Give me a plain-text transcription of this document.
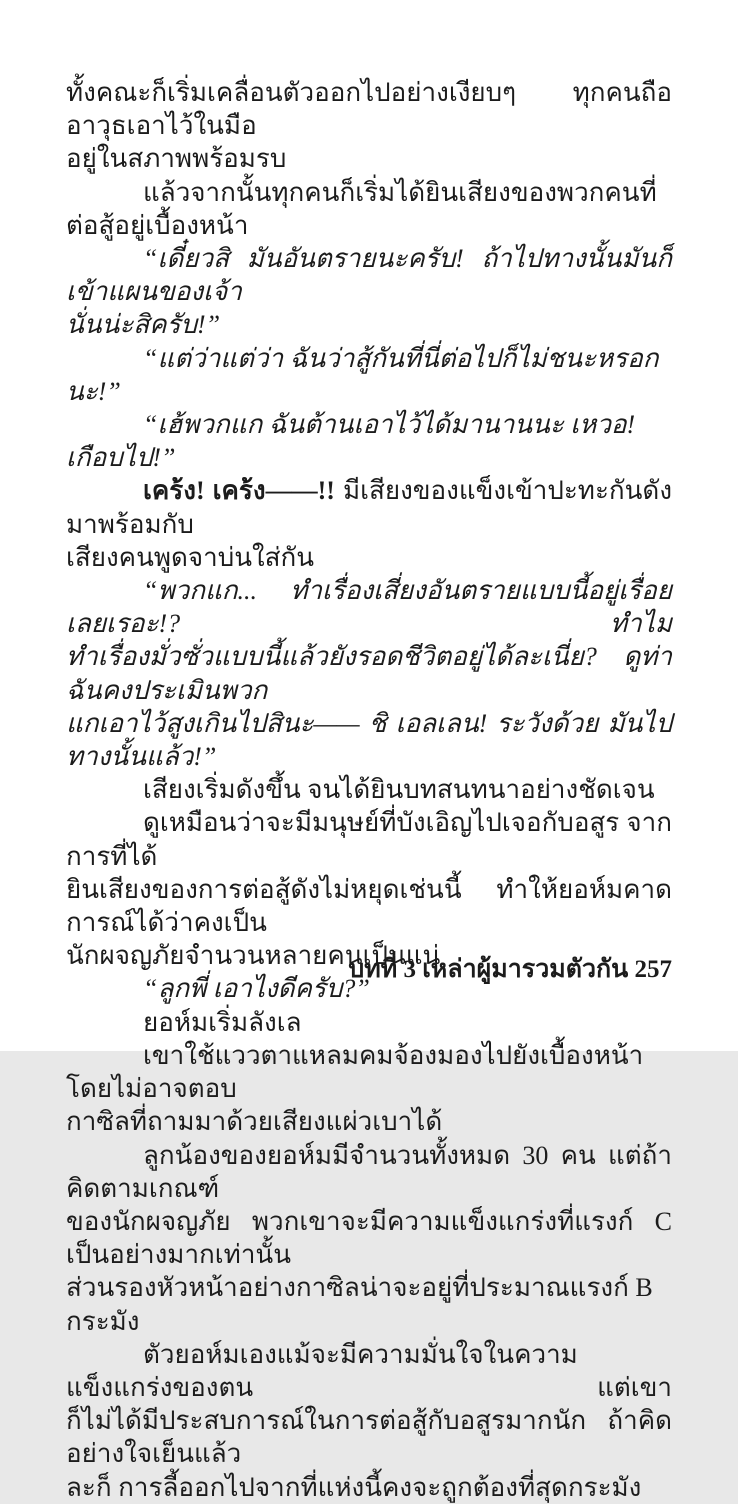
ทั้งคณะก็เริ่มเคลื่อนตัวออกไปอย่างเงียบๆ ทุกคนถืออาวุธเอาไว้ในมือ
อยู่ในสภาพพร้อมรบ
แล้วจากนั้นทุกคนก็เริ่มได้ยินเสียงของพวกคนที่ต่อสู้อยู่เบื้องหน้า
“เดี๋ยวสิ มันอันตรายนะครับ! ถ้าไปทางนั้นมันก็เข้าแผนของเจ้า
นั่นน่ะสิครับ!”
“แต่ว่าแต่ว่า ฉันว่าสู้กันที่นี่ต่อไปก็ไม่ชนะหรอกนะ!”
“เฮ้พวกแก ฉันต้านเอาไว้ได้มานานนะ เหวอ! เกือบไป!”
เคร้ง! เคร้ง——!! มีเสียงของแข็งเข้าปะทะกันดังมาพร้อมกับ
เสียงคนพูดจาบ่นใส่กัน
“พวกแก... ทำเรื่องเสี่ยงอันตรายแบบนี้อยู่เรื่อยเลยเรอะ!? ทำไม
ทำเรื่องมั่วซั่วแบบนี้แล้วยังรอดชีวิตอยู่ได้ละเนี่ย? ดูท่าฉันคงประเมินพวก
แกเอาไว้สูงเกินไปสินะ—— ชิ เอลเลน! ระวังด้วย มันไปทางนั้นแล้ว!”
เสียงเริ่มดังขึ้น จนได้ยินบทสนทนาอย่างชัดเจน
ดูเหมือนว่าจะมีมนุษย์ที่บังเอิญไปเจอกับอสูร จากการที่ได้
ยินเสียงของการต่อสู้ดังไม่หยุดเช่นนี้ ทำให้ยอห์มคาดการณ์ได้ว่าคงเป็น
นักผจญภัยจำนวนหลายคนเป็นแน่
“ลูกพี่ เอาไงดีครับ?”
ยอห์มเริ่มลังเล
เขาใช้แววตาแหลมคมจ้องมองไปยังเบื้องหน้า โดยไม่อาจตอบ
กาซิลที่ถามมาด้วยเสียงแผ่วเบาได้
ลูกน้องของยอห์มมีจำนวนทั้งหมด 30 คน แต่ถ้าคิดตามเกณฑ์
ของนักผจญภัย พวกเขาจะมีความแข็งแกร่งที่แรงก์ C เป็นอย่างมากเท่านั้น
ส่วนรองหัวหน้าอย่างกาซิลน่าจะอยู่ที่ประมาณแรงก์ B กระมัง
ตัวยอห์มเองแม้จะมีความมั่นใจในความแข็งแกร่งของตน แต่เขา
ก็ไม่ได้มีประสบการณ์ในการต่อสู้กับอสูรมากนัก ถ้าคิดอย่างใจเย็นแล้ว
ละก็ การลี้ออกไปจากที่แห่งนี้คงจะถูกต้องที่สุดกระมัง
บทที่ 3 เหล่าผู้มารวมตัวกัน 257
